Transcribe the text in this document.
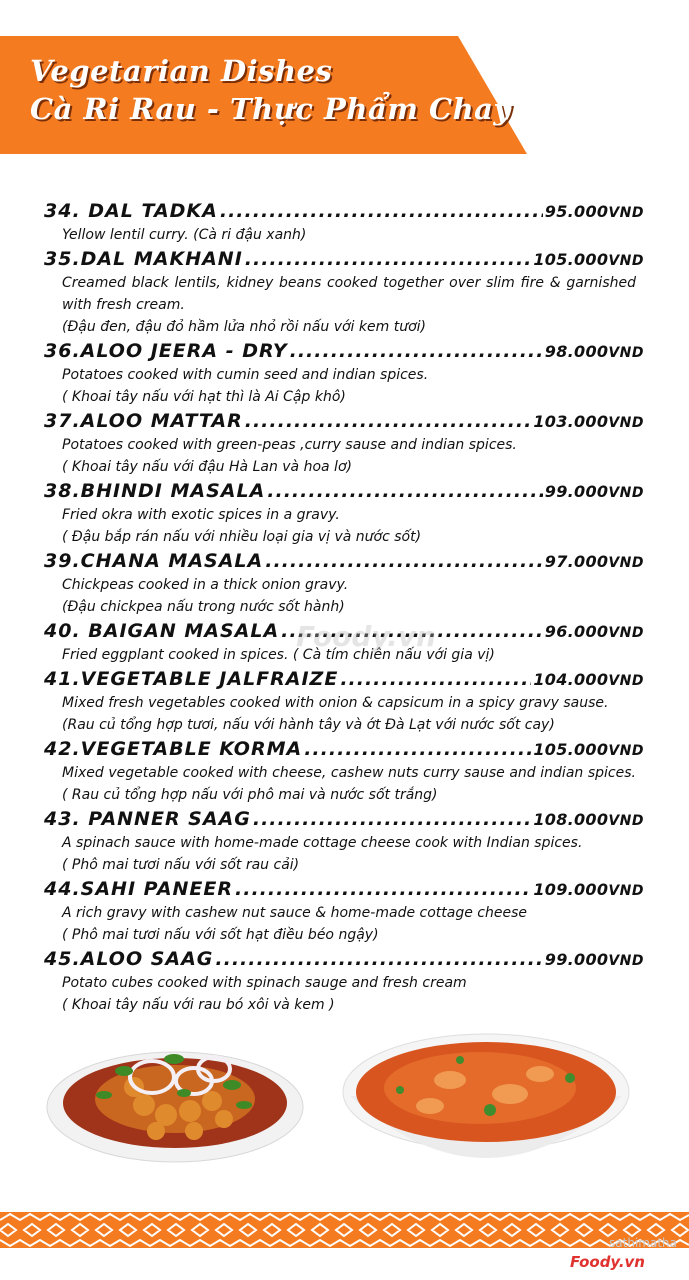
Vegetarian Dishes
Cà Ri Rau - Thực Phẩm Chay
34. DAL TADKA .....	95.000VND
Yellow lentil curry. (Cà ri đậu xanh)
35.DAL MAKHANI .....	105.000VND
Creamed black lentils, kidney beans cooked together over slim fire & garnished with fresh cream.
(Đậu đen, đậu đỏ hầm lửa nhỏ rồi nấu với kem tươi)
36.ALOO JEERA - DRY .....	98.000VND
Potatoes cooked with cumin seed and indian spices.
( Khoai tây nấu với hạt thì là Ai Cập khô)
37.ALOO MATTAR .....	103.000VND
Potatoes cooked with green-peas ,curry sause and indian spices.
( Khoai tây nấu với đậu Hà Lan và hoa lơ)
38.BHINDI MASALA .....	99.000VND
Fried okra with exotic spices in a gravy.
( Đậu bắp rán nấu với nhiều loại gia vị và nước sốt)
39.CHANA MASALA .....	97.000VND
Chickpeas cooked in a thick onion gravy.
(Đậu chickpea nấu trong nước sốt hành)
40. BAIGAN MASALA .....	96.000VND
Fried eggplant cooked in spices. ( Cà tím chiên nấu với gia vị)
41.VEGETABLE JALFRAIZE .....	104.000VND
Mixed fresh vegetables cooked with onion & capsicum in a spicy gravy sause.
(Rau củ tổng hợp tươi, nấu với hành tây và ớt Đà Lạt với nước sốt cay)
42.VEGETABLE KORMA .....	105.000VND
Mixed vegetable cooked with cheese, cashew nuts curry sause and indian spices. ( Rau củ tổng hợp nấu với phô mai và nước sốt trắng)
43. PANNER SAAG .....	108.000VND
A spinach sauce with home-made cottage cheese cook with Indian spices.
( Phô mai tươi nấu với sốt rau cải)
44.SAHI PANEER .....	109.000VND
A rich gravy with cashew nut sauce & home-made cottage cheese
( Phô mai tươi nấu với sốt hạt điều béo ngậy)
45.ALOO SAAG .....	99.000VND
Potato cubes cooked with spinach sauge and fresh cream
( Khoai tây nấu với rau bó xôi và kem )
Foody.vn
sathimatha
Foody.vn
